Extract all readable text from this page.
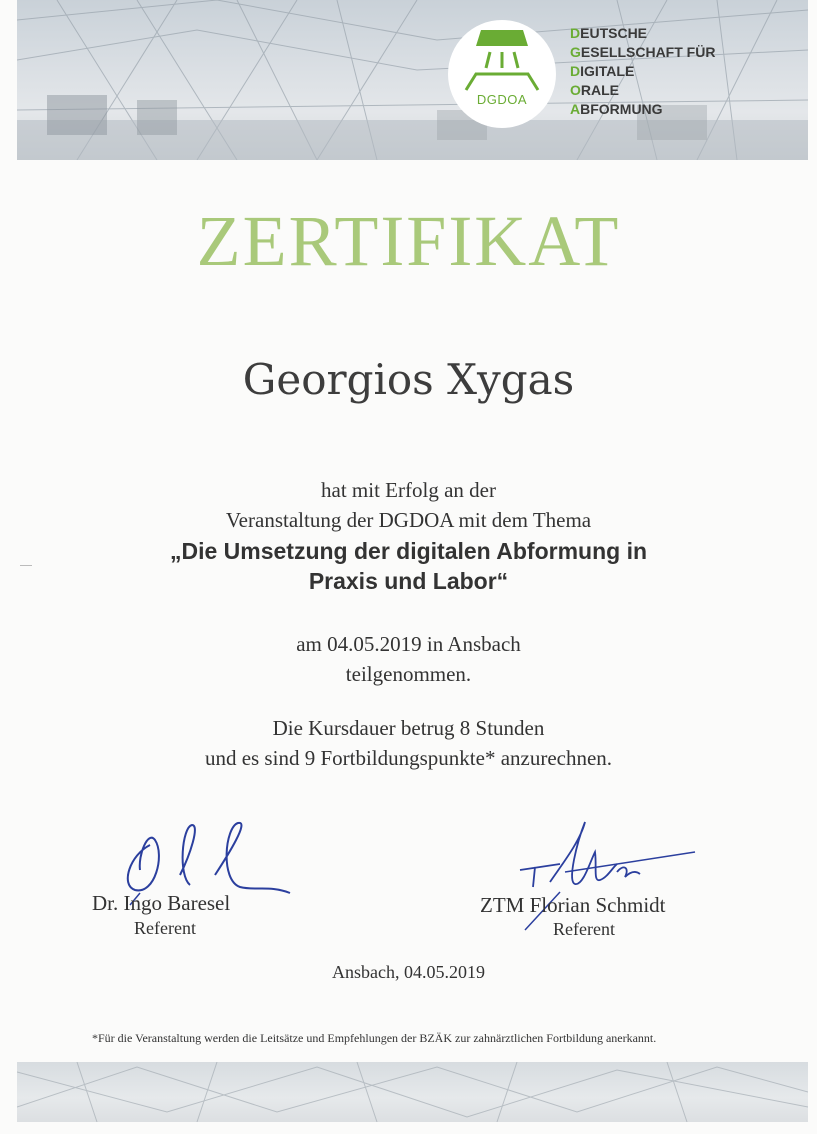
DGDOA
DEUTSCHE
GESELLSCHAFT FÜR
DIGITALE
ORALE
ABFORMUNG
ZERTIFIKAT
Georgios Xygas
hat mit Erfolg an der
Veranstaltung der DGDOA mit dem Thema
„Die Umsetzung der digitalen Abformung in
Praxis und Labor“
am 04.05.2019 in Ansbach
teilgenommen.
Die Kursdauer betrug 8 Stunden
und es sind 9 Fortbildungspunkte* anzurechnen.
Dr. Ingo Baresel
Referent
ZTM Florian Schmidt
Referent
Ansbach, 04.05.2019
*Für die Veranstaltung werden die Leitsätze und Empfehlungen der BZÄK zur zahnärztlichen Fortbildung anerkannt.
